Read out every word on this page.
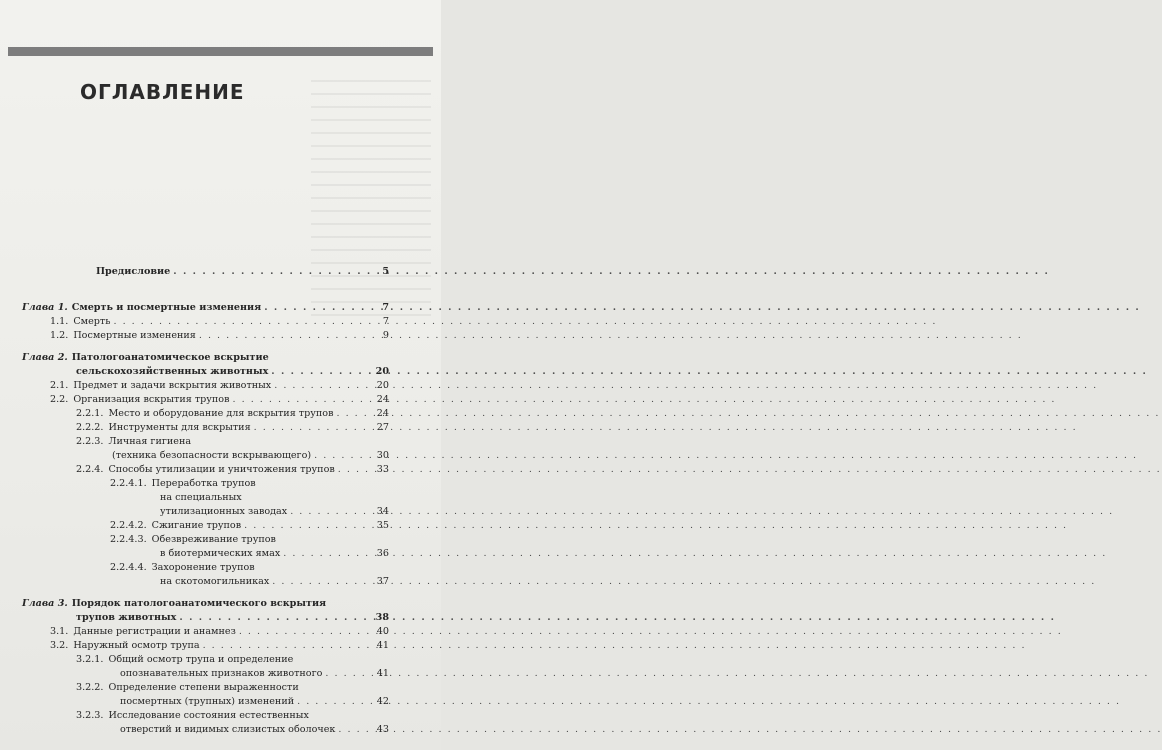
ОГЛАВЛЕНИЕ
Предисловие . . .	5
Глава 1. Смерть и посмертные изменения . . .	7
1.1. Смерть . . .	7
1.2. Посмертные изменения . . .	9
Глава 2. Патологоанатомическое вскрытие
сельскохозяйственных животных . . .	20
2.1. Предмет и задачи вскрытия животных . . .	20
2.2. Организация вскрытия трупов . . .	24
2.2.1. Место и оборудование для вскрытия трупов . . .	24
2.2.2. Инструменты для вскрытия . . .	27
2.2.3. Личная гигиена
(техника безопасности вскрывающего) . . .	30
2.2.4. Способы утилизации и уничтожения трупов . . .	33
2.2.4.1. Переработка трупов
на специальных
утилизационных заводах . . .	34
2.2.4.2. Сжигание трупов . . .	35
2.2.4.3. Обезвреживание трупов
в биотермических ямах . . .	36
2.2.4.4. Захоронение трупов
на скотомогильниках . . .	37
Глава 3. Порядок патологоанатомического вскрытия
трупов животных . . .	38
3.1. Данные регистрации и анамнез . . .	40
3.2. Наружный осмотр трупа . . .	41
3.2.1. Общий осмотр трупа и определение
опознавательных признаков животного . . .	41
3.2.2. Определение степени выраженности
посмертных (трупных) изменений . . .	42
3.2.3. Исследование состояния естественных
отверстий и видимых слизистых оболочек . . .	43
